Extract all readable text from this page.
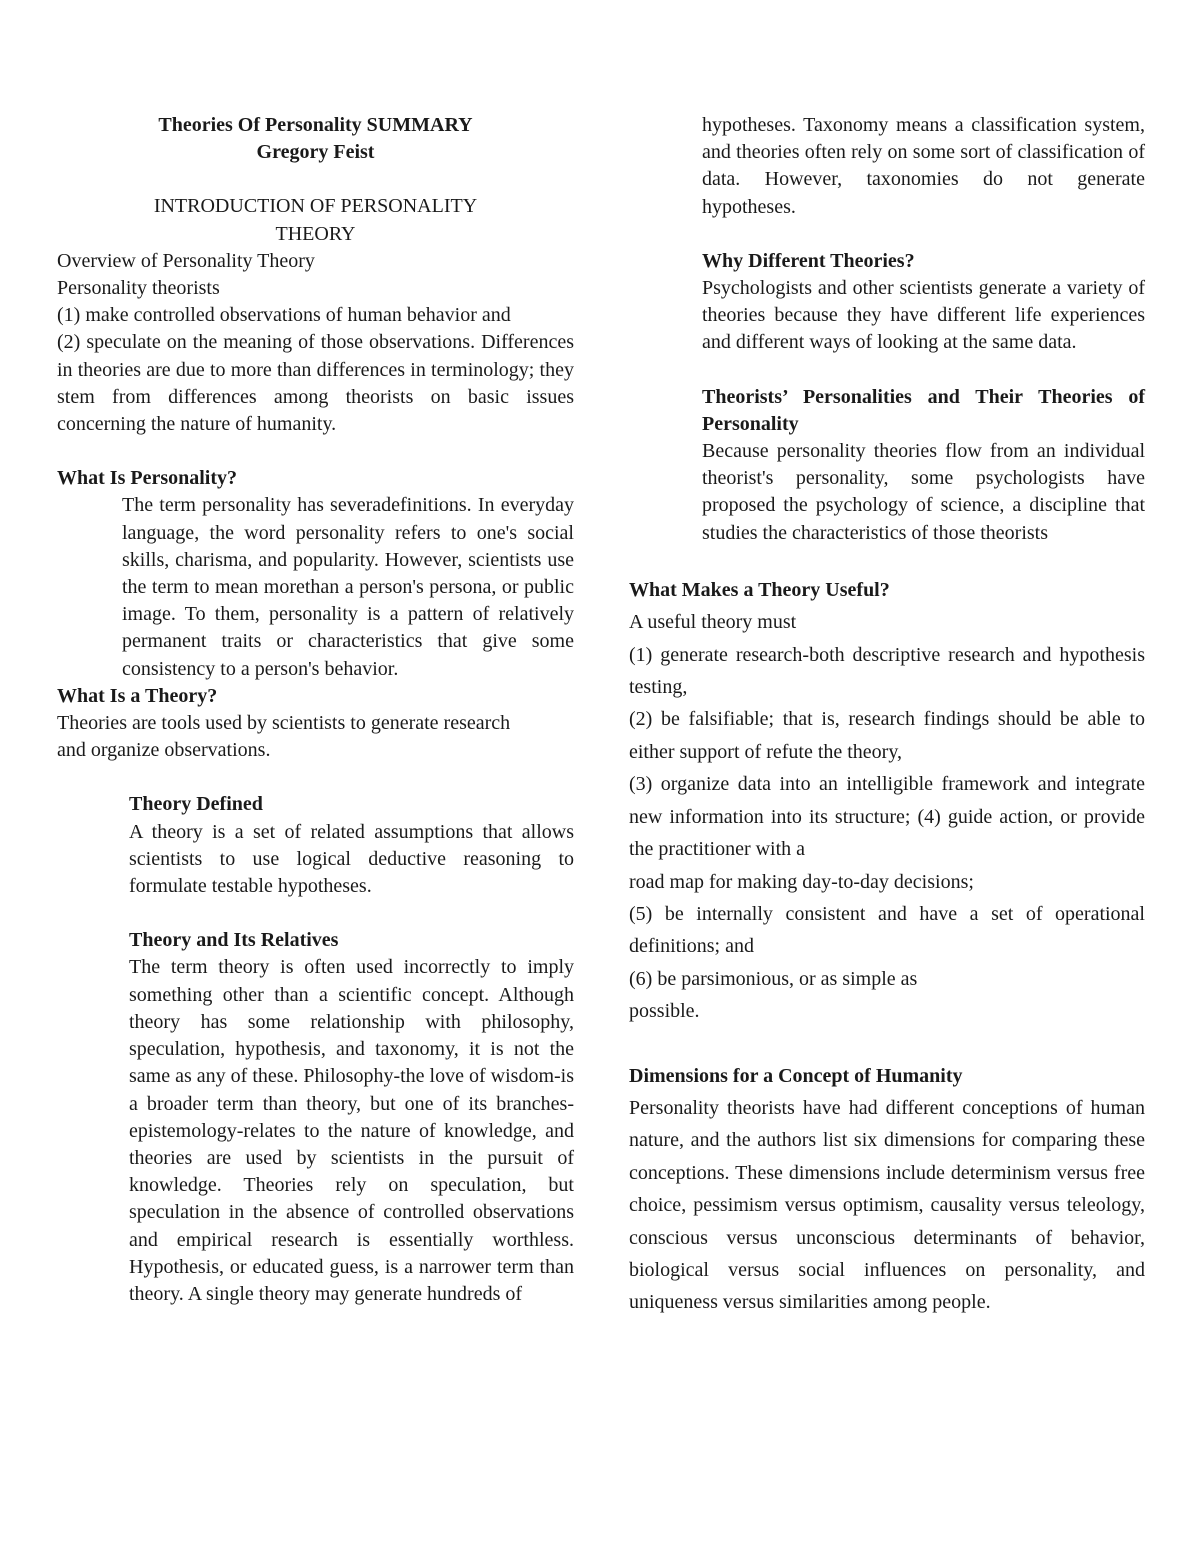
Theories Of Personality SUMMARY

Gregory Feist

INTRODUCTION OF PERSONALITY

THEORY

Overview of Personality Theory

Personality theorists

(1) make controlled observations of human behavior and

(2) speculate on the meaning of those observations. Differences in theories are due to more than differences in terminology; they stem from differences among theorists on basic issues concerning the nature of humanity.

What Is Personality?

The term personality has severadefinitions. In everyday language, the word personality refers to one's social skills, charisma, and popularity. However, scientists use the term to mean morethan a person's persona, or public image. To them, personality is a pattern of relatively permanent traits or characteristics that give some consistency to a person's behavior.

What Is a Theory?

Theories are tools used by scientists to generate research and organize observations.

Theory Defined

A theory is a set of related assumptions that allows scientists to use logical deductive reasoning to formulate testable hypotheses.

Theory and Its Relatives

The term theory is often used incorrectly to imply something other than a scientific concept. Although theory has some relationship with philosophy, speculation, hypothesis, and taxonomy, it is not the same as any of these. Philosophy-the love of wisdom-is a broader term than theory, but one of its branches-epistemology-relates to the nature of knowledge, and theories are used by scientists in the pursuit of knowledge. Theories rely on speculation, but speculation in the absence of controlled observations and empirical research is essentially worthless. Hypothesis, or educated guess, is a narrower term than theory. A single theory may generate hundreds of

hypotheses. Taxonomy means a classification system, and theories often rely on some sort of classification of data. However, taxonomies do not generate hypotheses.

Why Different Theories?

Psychologists and other scientists generate a variety of theories because they have different life experiences and different ways of looking at the same data.

Theorists’ Personalities and Their Theories of Personality

Because personality theories flow from an individual theorist's personality, some psychologists have proposed the psychology of science, a discipline that studies the characteristics of those theorists

What Makes a Theory Useful?

A useful theory must

(1) generate research-both descriptive research and hypothesis testing,

(2) be falsifiable; that is, research findings should be able to either support of refute the theory,

(3) organize data into an intelligible framework and integrate new information into its structure; (4) guide action, or provide the practitioner with a

road map for making day-to-day decisions;

(5) be internally consistent and have a set of operational definitions; and

(6) be parsimonious, or as simple as

possible.

Dimensions for a Concept of Humanity

Personality theorists have had different conceptions of human nature, and the authors list six dimensions for comparing these conceptions. These dimensions include determinism versus free choice, pessimism versus optimism, causality versus teleology, conscious versus unconscious determinants of behavior, biological versus social influences on personality, and uniqueness versus similarities among people.
